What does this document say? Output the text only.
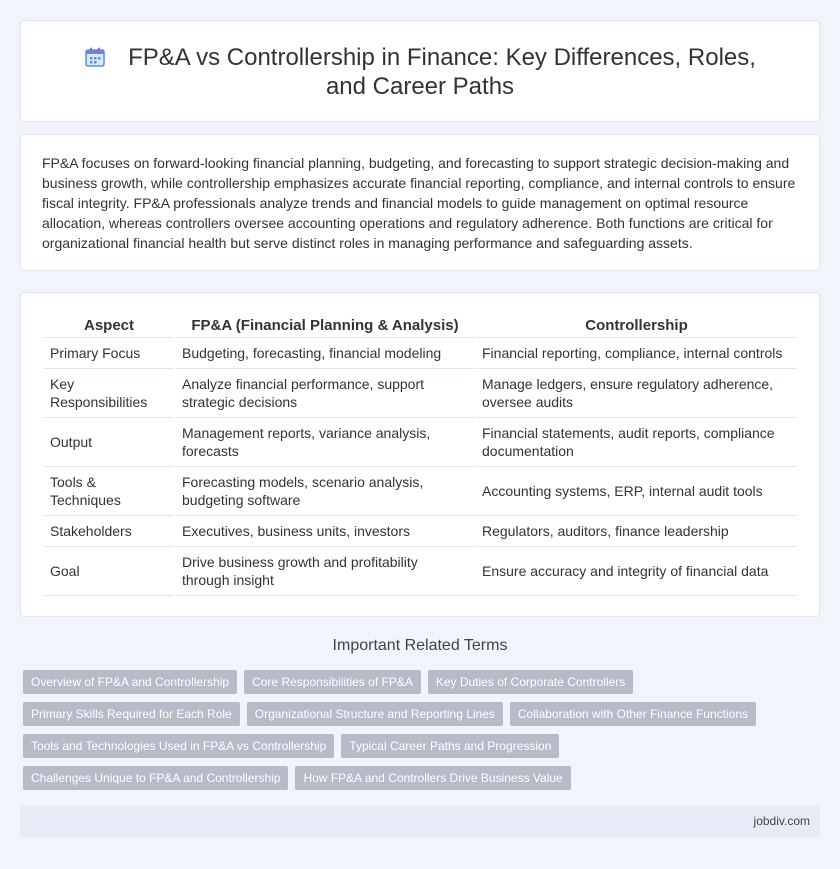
FP&A vs Controllership in Finance: Key Differences, Roles, and Career Paths

FP&A focuses on forward-looking financial planning, budgeting, and forecasting to support strategic decision-making and business growth, while controllership emphasizes accurate financial reporting, compliance, and internal controls to ensure fiscal integrity. FP&A professionals analyze trends and financial models to guide management on optimal resource allocation, whereas controllers oversee accounting operations and regulatory adherence. Both functions are critical for organizational financial health but serve distinct roles in managing performance and safeguarding assets.

Aspect	FP&A (Financial Planning & Analysis)	Controllership
Primary Focus	Budgeting, forecasting, financial modeling	Financial reporting, compliance, internal controls
Key Responsibilities	Analyze financial performance, support strategic decisions	Manage ledgers, ensure regulatory adherence, oversee audits
Output	Management reports, variance analysis, forecasts	Financial statements, audit reports, compliance documentation
Tools & Techniques	Forecasting models, scenario analysis, budgeting software	Accounting systems, ERP, internal audit tools
Stakeholders	Executives, business units, investors	Regulators, auditors, finance leadership
Goal	Drive business growth and profitability through insight	Ensure accuracy and integrity of financial data
Important Related Terms
Overview of FP&A and Controllership	Core Responsibilities of FP&A	Key Duties of Corporate Controllers
Primary Skills Required for Each Role	Organizational Structure and Reporting Lines	Collaboration with Other Finance Functions
Tools and Technologies Used in FP&A vs Controllership	Typical Career Paths and Progression
Challenges Unique to FP&A and Controllership	How FP&A and Controllers Drive Business Value
jobdiv.com
